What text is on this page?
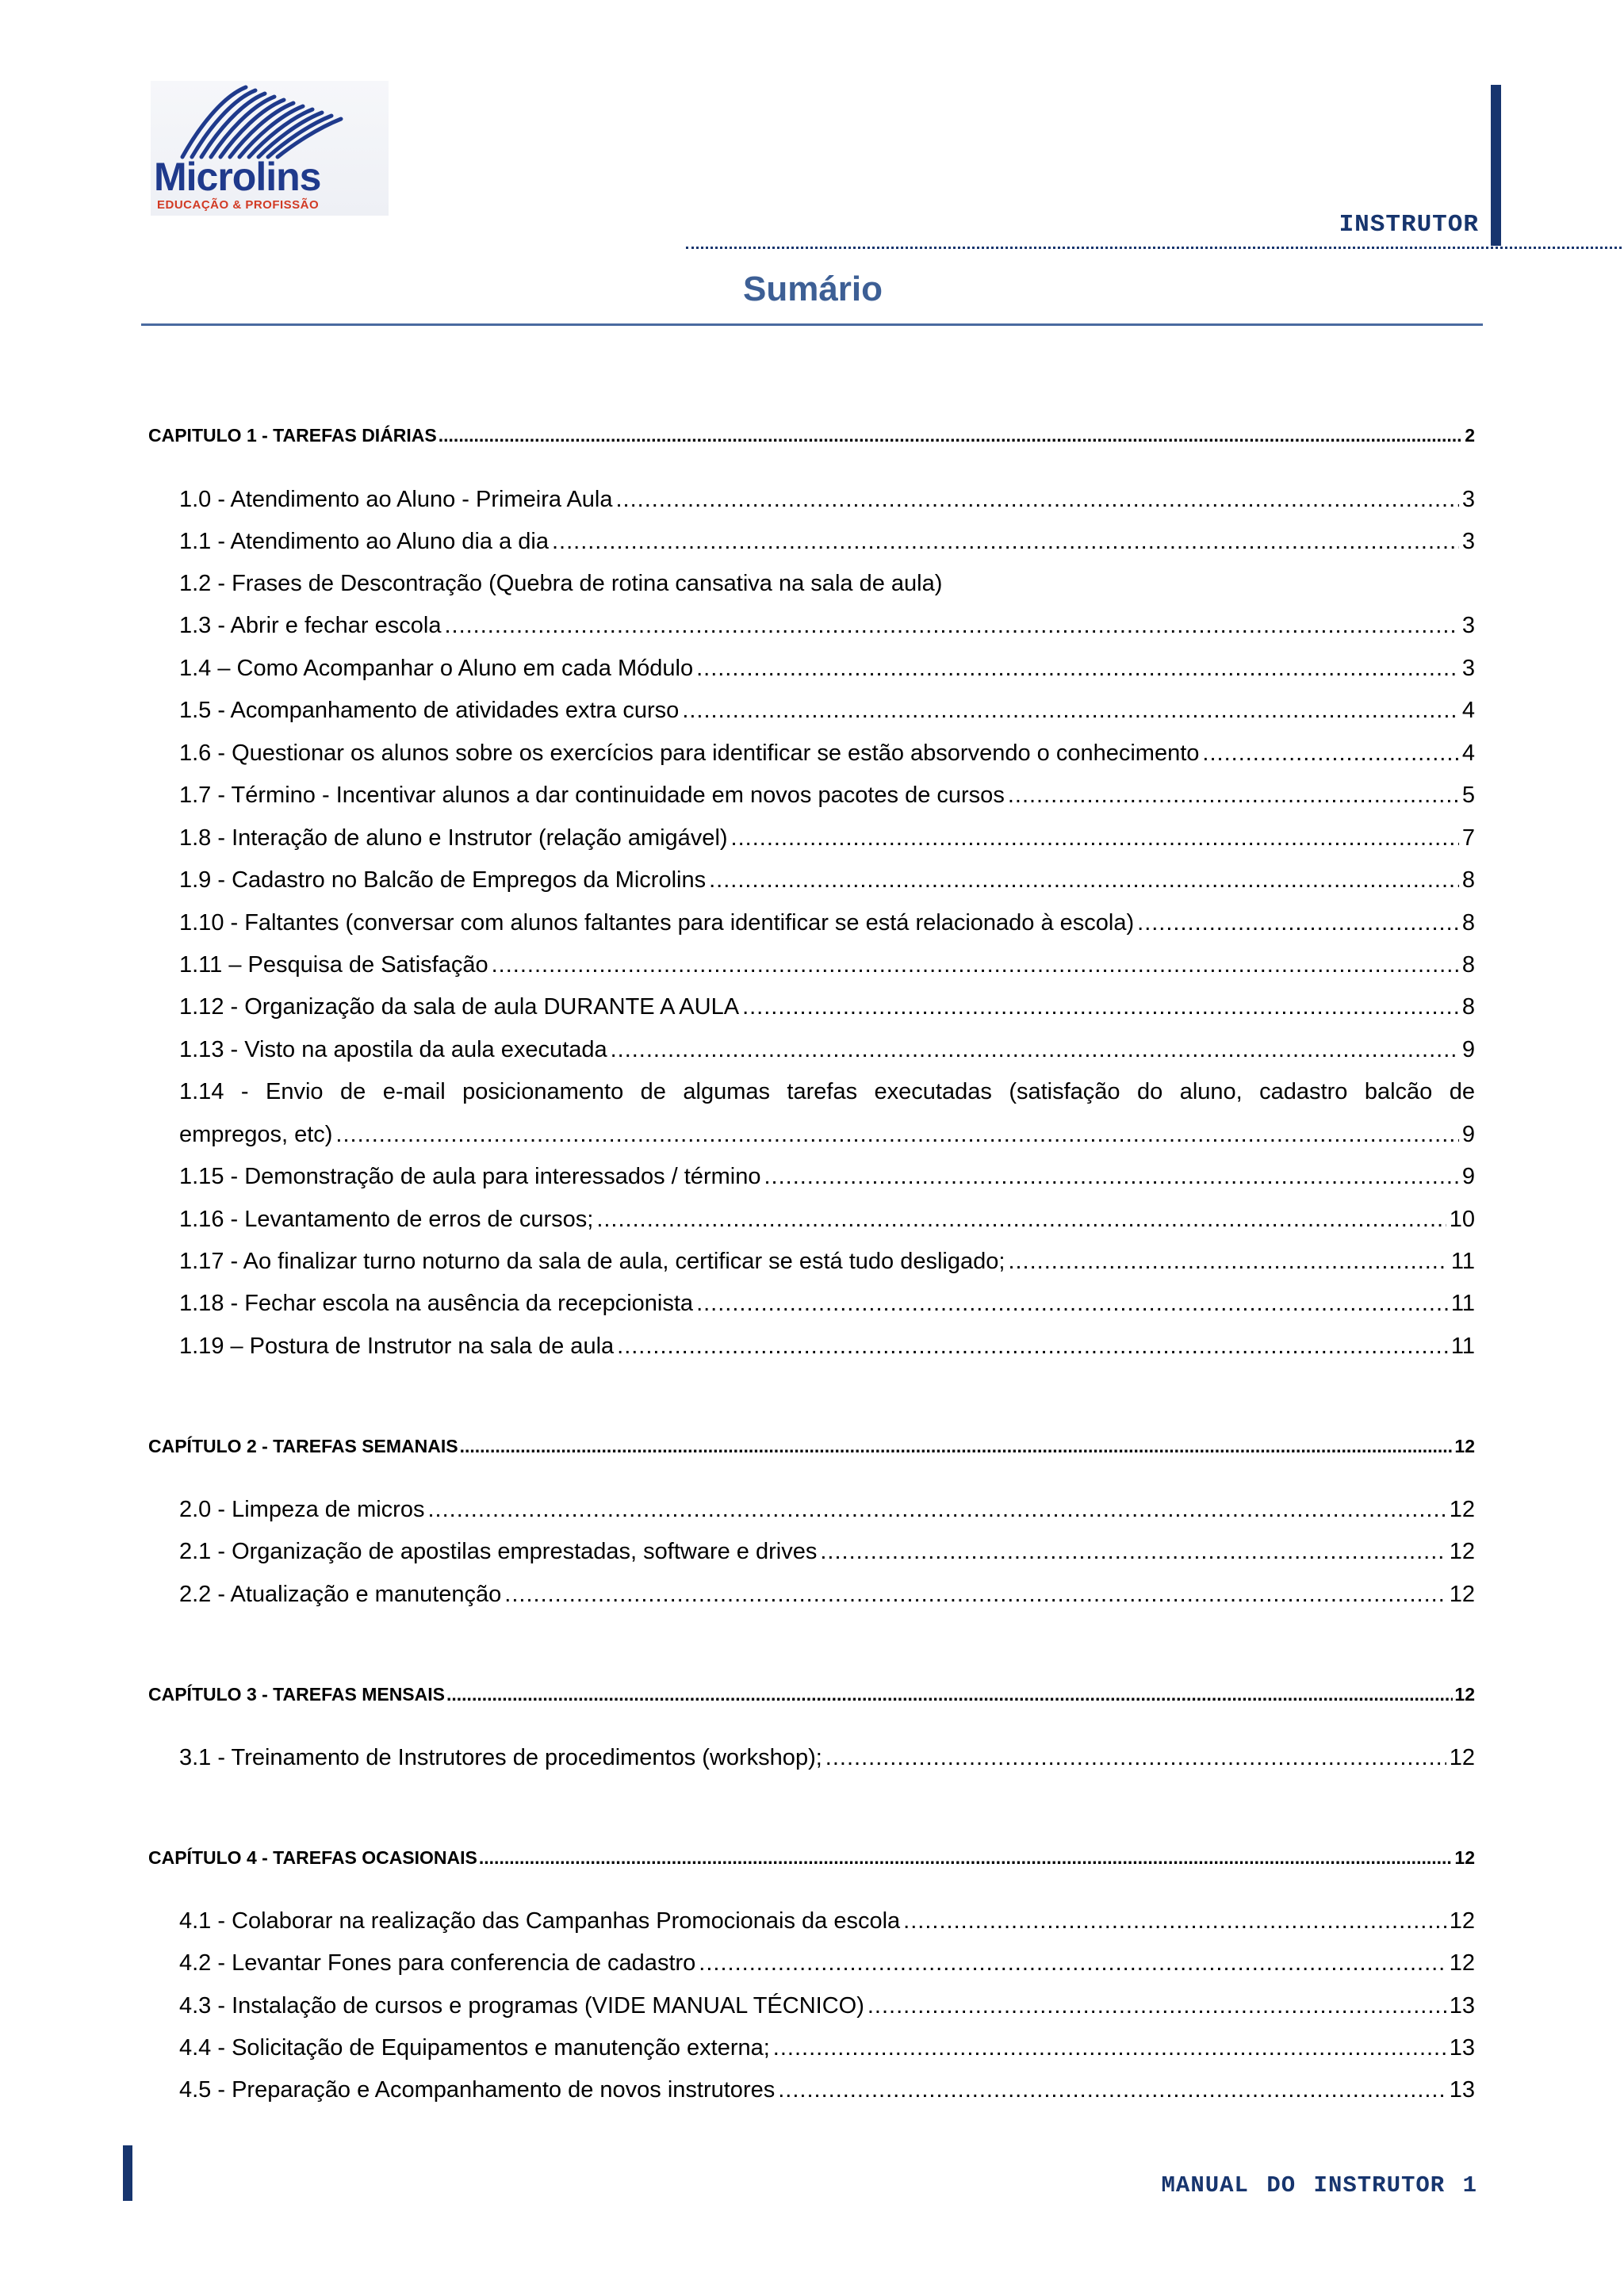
Microlins
EDUCAÇÃO & PROFISSÃO
INSTRUTOR
Sumário
CAPITULO 1 - TAREFAS DIÁRIAS .....	2
1.0 - Atendimento ao Aluno - Primeira Aula .....	3
1.1 - Atendimento ao Aluno dia a dia .....	3
1.2 - Frases de Descontração (Quebra de rotina cansativa na sala de aula)
1.3 - Abrir e fechar escola .....	3
1.4 – Como Acompanhar o Aluno em cada Módulo .....	3
1.5 - Acompanhamento de atividades extra curso .....	4
1.6 - Questionar os alunos sobre os exercícios para identificar se estão absorvendo o conhecimento .....	4
1.7 - Término - Incentivar alunos a dar continuidade em novos pacotes de cursos .....	5
1.8 - Interação de aluno e Instrutor (relação amigável) .....	7
1.9 - Cadastro no Balcão de Empregos da Microlins .....	8
1.10 - Faltantes (conversar com alunos faltantes para identificar se está relacionado à escola) .....	8
1.11 – Pesquisa de Satisfação .....	8
1.12 - Organização da sala de aula DURANTE A AULA .....	8
1.13 - Visto na apostila da aula executada .....	9
1.14 - Envio de e-mail posicionamento de algumas tarefas executadas (satisfação do aluno, cadastro balcão de
empregos, etc) .....	9
1.15 - Demonstração de aula para interessados / término .....	9
1.16 - Levantamento de erros de cursos; .....	10
1.17 - Ao finalizar turno noturno da sala de aula, certificar se está tudo desligado; .....	11
1.18 - Fechar escola na ausência da recepcionista .....	11
1.19 – Postura de Instrutor na sala de aula .....	11
CAPÍTULO 2 - TAREFAS SEMANAIS .....	12
2.0 - Limpeza de micros .....	12
2.1 - Organização de apostilas emprestadas, software e drives .....	12
2.2 - Atualização e manutenção .....	12
CAPÍTULO 3 - TAREFAS MENSAIS .....	12
3.1 - Treinamento de Instrutores de procedimentos (workshop); .....	12
CAPÍTULO 4 - TAREFAS OCASIONAIS .....	12
4.1 - Colaborar na realização das Campanhas Promocionais da escola .....	12
4.2 - Levantar Fones para conferencia de cadastro .....	12
4.3 - Instalação de cursos e programas (VIDE MANUAL TÉCNICO) .....	13
4.4 - Solicitação de Equipamentos e manutenção externa; .....	13
4.5 - Preparação e Acompanhamento de novos instrutores .....	13
MANUAL DO INSTRUTOR 1
